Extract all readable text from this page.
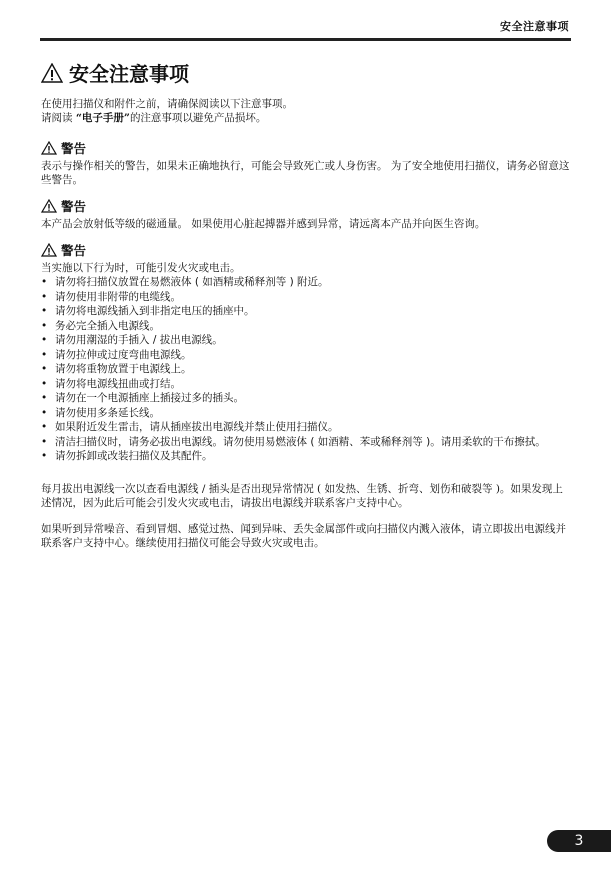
安全注意事项
安全注意事项
在使用扫描仪和附件之前，请确保阅读以下注意事项。
请阅读 “电子手册”的注意事项以避免产品损坏。
警告
表示与操作相关的警告，如果未正确地执行，可能会导致死亡或人身伤害。 为了安全地使用扫描仪，请务必留意这些警告。
警告
本产品会放射低等级的磁通量。 如果使用心脏起搏器并感到异常，请远离本产品并向医生咨询。
警告
当实施以下行为时，可能引发火灾或电击。
• 请勿将扫描仪放置在易燃液体 ( 如酒精或稀释剂等 ) 附近。
• 请勿使用非附带的电缆线。
• 请勿将电源线插入到非指定电压的插座中。
• 务必完全插入电源线。
• 请勿用潮湿的手插入 / 拔出电源线。
• 请勿拉伸或过度弯曲电源线。
• 请勿将重物放置于电源线上。
• 请勿将电源线扭曲或打结。
• 请勿在一个电源插座上插接过多的插头。
• 请勿使用多条延长线。
• 如果附近发生雷击，请从插座拔出电源线并禁止使用扫描仪。
• 清洁扫描仪时，请务必拔出电源线。请勿使用易燃液体 ( 如酒精、苯或稀释剂等 )。请用柔软的干布擦拭。
• 请勿拆卸或改装扫描仪及其配件。
每月拔出电源线一次以查看电源线 / 插头是否出现异常情况 ( 如发热、生锈、折弯、划伤和破裂等 )。如果发现上述情况，因为此后可能会引发火灾或电击，请拔出电源线并联系客户支持中心。
如果听到异常噪音、看到冒烟、感觉过热、闻到异味、丢失金属部件或向扫描仪内溅入液体，请立即拔出电源线并联系客户支持中心。继续使用扫描仪可能会导致火灾或电击。
3
